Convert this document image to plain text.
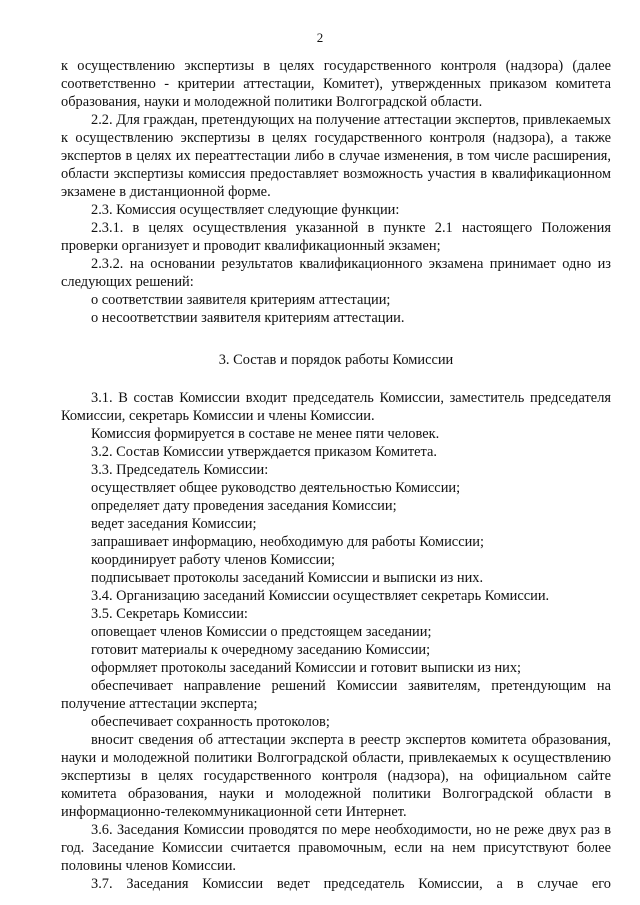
2

к осуществлению экспертизы в целях государственного контроля (надзора) (далее соответственно - критерии аттестации, Комитет), утвержденных приказом комитета образования, науки и молодежной политики Волгоградской области.

2.2. Для граждан, претендующих на получение аттестации экспертов, привлекаемых к осуществлению экспертизы в целях государственного контроля (надзора), а также экспертов в целях их переаттестации либо в случае изменения, в том числе расширения, области экспертизы комиссия предоставляет возможность участия в квалификационном экзамене в дистанционной форме.

2.3. Комиссия осуществляет следующие функции:

2.3.1. в целях осуществления указанной в пункте 2.1 настоящего Положения проверки организует и проводит квалификационный экзамен;

2.3.2. на основании результатов квалификационного экзамена принимает одно из следующих решений:

о соответствии заявителя критериям аттестации;

о несоответствии заявителя критериям аттестации.

3. Состав и порядок работы Комиссии

3.1. В состав Комиссии входит председатель Комиссии, заместитель председателя Комиссии, секретарь Комиссии и члены Комиссии.

Комиссия формируется в составе не менее пяти человек.

3.2. Состав Комиссии утверждается приказом Комитета.

3.3. Председатель Комиссии:

осуществляет общее руководство деятельностью Комиссии;

определяет дату проведения заседания Комиссии;

ведет заседания Комиссии;

запрашивает информацию, необходимую для работы Комиссии;

координирует работу членов Комиссии;

подписывает протоколы заседаний Комиссии и выписки из них.

3.4. Организацию заседаний Комиссии осуществляет секретарь Комиссии.

3.5. Секретарь Комиссии:

оповещает членов Комиссии о предстоящем заседании;

готовит материалы к очередному заседанию Комиссии;

оформляет протоколы заседаний Комиссии и готовит выписки из них;

обеспечивает направление решений Комиссии заявителям, претендующим на получение аттестации эксперта;

обеспечивает сохранность протоколов;

вносит сведения об аттестации эксперта в реестр экспертов комитета образования, науки и молодежной политики Волгоградской области, привлекаемых к осуществлению экспертизы в целях государственного контроля (надзора), на официальном сайте комитета образования, науки и молодежной политики Волгоградской области в информационно-телекоммуникационной сети Интернет.

3.6. Заседания Комиссии проводятся по мере необходимости, но не реже двух раз в год. Заседание Комиссии считается правомочным, если на нем присутствуют более половины членов Комиссии.

3.7. Заседания Комиссии ведет председатель Комиссии, а в случае его
